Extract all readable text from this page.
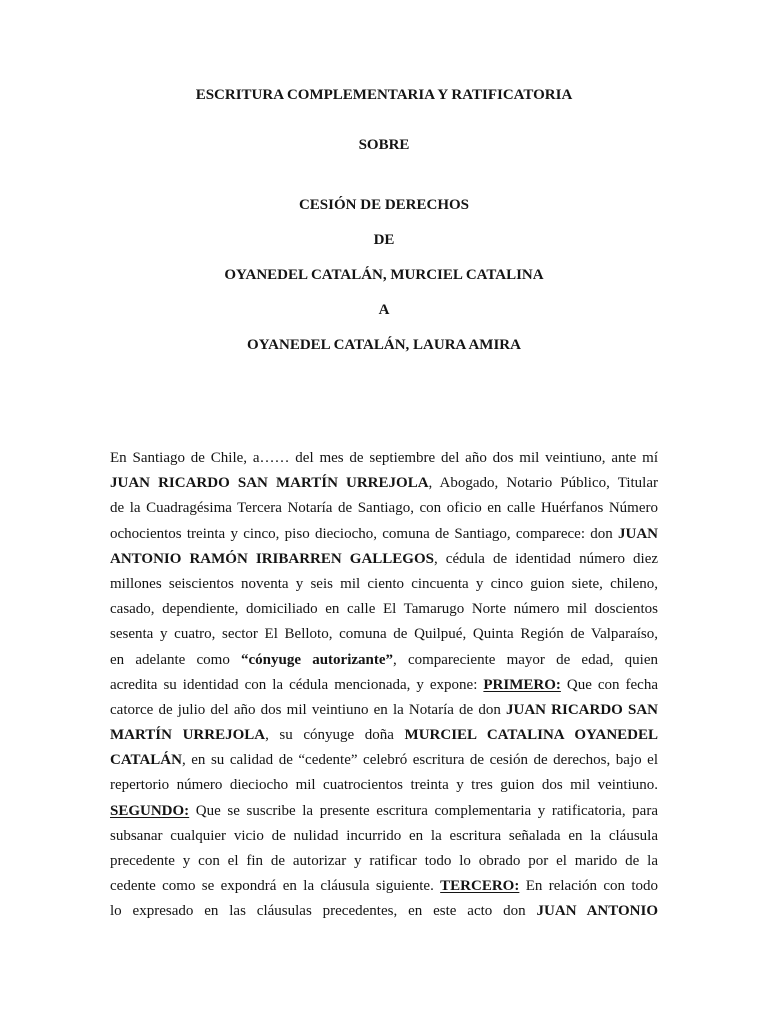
ESCRITURA COMPLEMENTARIA Y RATIFICATORIA
SOBRE
CESIÓN DE DERECHOS
DE
OYANEDEL CATALÁN, MURCIEL CATALINA
A
OYANEDEL CATALÁN, LAURA AMIRA
En Santiago de Chile, a…… del mes de septiembre del año dos mil veintiuno, ante mí
JUAN RICARDO SAN MARTÍN URREJOLA, Abogado, Notario Público, Titular
de la Cuadragésima Tercera Notaría de Santiago, con oficio en calle Huérfanos Número
ochocientos treinta y cinco, piso dieciocho, comuna de Santiago, comparece: don JUAN
ANTONIO RAMÓN IRIBARREN GALLEGOS, cédula de identidad número diez
millones seiscientos noventa y seis mil ciento cincuenta y cinco guion siete, chileno,
casado, dependiente, domiciliado en calle El Tamarugo Norte número mil doscientos
sesenta y cuatro, sector El Belloto, comuna de Quilpué, Quinta Región de Valparaíso,
en adelante como “cónyuge autorizante”, compareciente mayor de edad, quien
acredita su identidad con la cédula mencionada, y expone: PRIMERO: Que con fecha
catorce de julio del año dos mil veintiuno en la Notaría de don JUAN RICARDO SAN
MARTÍN URREJOLA, su cónyuge doña MURCIEL CATALINA OYANEDEL
CATALÁN, en su calidad de “cedente” celebró escritura de cesión de derechos, bajo el
repertorio número dieciocho mil cuatrocientos treinta y tres guion dos mil veintiuno.
SEGUNDO: Que se suscribe la presente escritura complementaria y ratificatoria, para
subsanar cualquier vicio de nulidad incurrido en la escritura señalada en la cláusula
precedente y con el fin de autorizar y ratificar todo lo obrado por el marido de la
cedente como se expondrá en la cláusula siguiente. TERCERO: En relación con todo
lo expresado en las cláusulas precedentes, en este acto don JUAN ANTONIO
